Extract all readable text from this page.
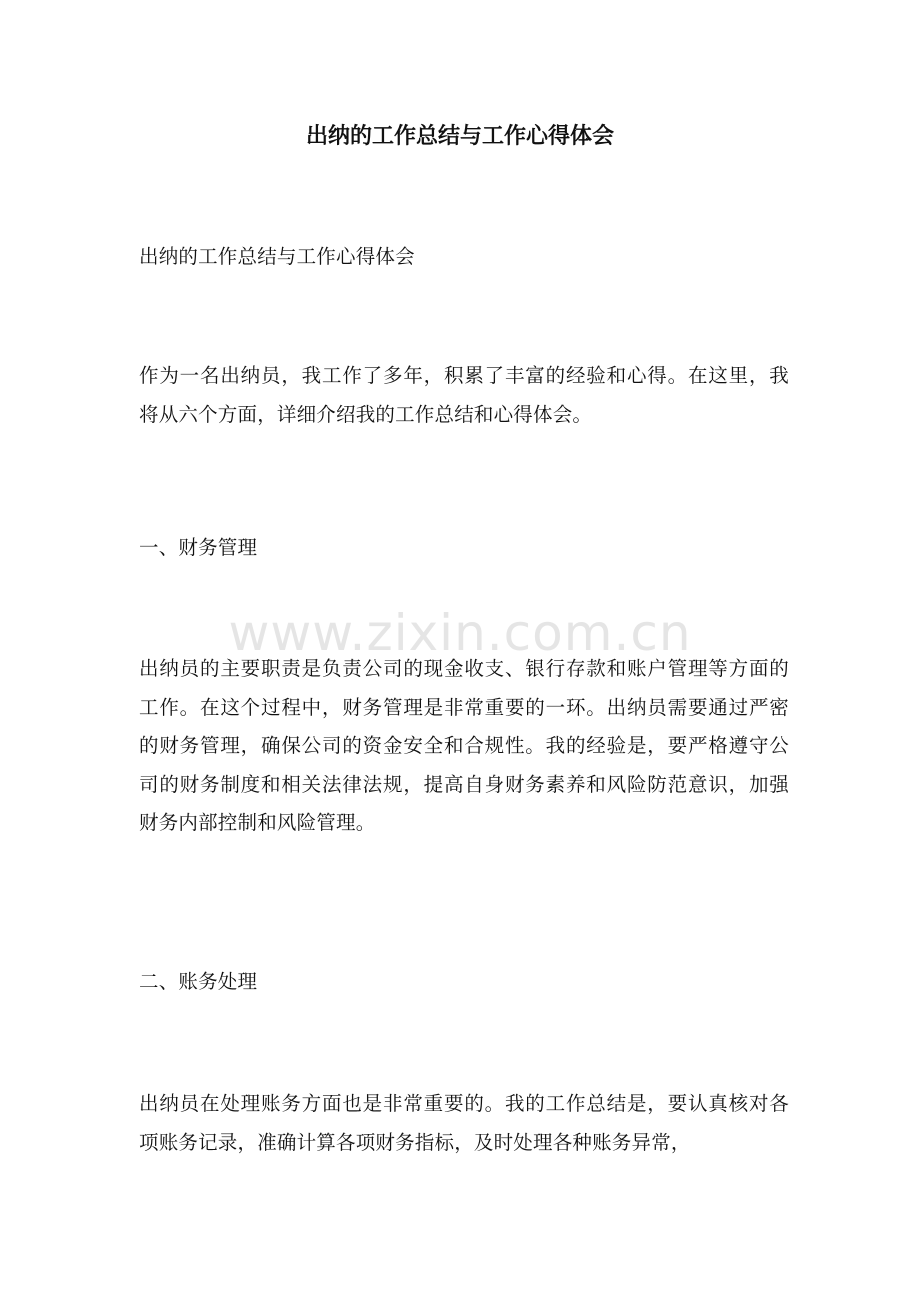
出纳的工作总结与工作心得体会

出纳的工作总结与工作心得体会

作为一名出纳员，我工作了多年，积累了丰富的经验和心得。在这里，我将从六个方面，详细介绍我的工作总结和心得体会。

一、财务管理

出纳员的主要职责是负责公司的现金收支、银行存款和账户管理等方面的工作。在这个过程中，财务管理是非常重要的一环。出纳员需要通过严密的财务管理，确保公司的资金安全和合规性。我的经验是，要严格遵守公司的财务制度和相关法律法规，提高自身财务素养和风险防范意识，加强财务内部控制和风险管理。

二、账务处理

出纳员在处理账务方面也是非常重要的。我的工作总结是，要认真核对各项账务记录，准确计算各项财务指标，及时处理各种账务异常，

www.zixin.com.cn
